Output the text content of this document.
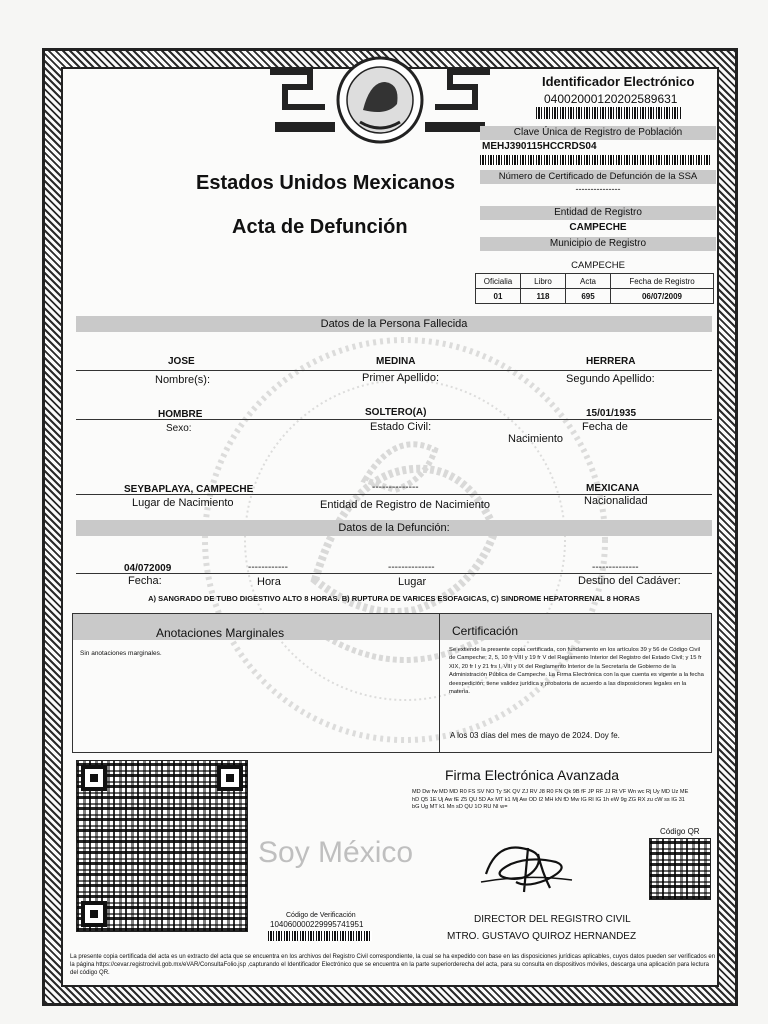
Estados Unidos Mexicanos
Acta de Defunción
Identificador Electrónico
04002000120202589631
Clave Única de Registro de Población
MEHJ390115HCCRDS04
Número de Certificado de Defunción de la SSA
---------------
Entidad de Registro
CAMPECHE
Municipio de Registro
CAMPECHE
Oficialia	Libro	Acta	Fecha de Registro
01	118	695	06/07/2009
Datos de la Persona Fallecida
JOSE	MEDINA	HERRERA
Nombre(s):	Primer Apellido:	Segundo Apellido:
HOMBRE	SOLTERO(A)	15/01/1935
Sexo:	Estado Civil:	Fecha de
Nacimiento
SEYBAPLAYA, CAMPECHE	--------------	MEXICANA
Lugar de Nacimiento	Entidad de Registro de Nacimiento	Nacionalidad
Datos de la Defunción:
04/072009	------------	--------------	--------------
Fecha:	Hora	Lugar	Destino del Cadáver:
A) SANGRADO DE TUBO DIGESTIVO ALTO 8 HORAS. B) RUPTURA DE VARICES ESOFAGICAS, C) SINDROME HEPATORRENAL 8 HORAS
Anotaciones Marginales	Certificación
Sin anotaciones marginales.	Se extiende la presente copia certificada, con fundamento en los artículos 39 y 56 de Código Civil de Campeche; 2, 5, 10 fr VIII y 19 fr V del Reglamento Interior del Registro del Estado Civil; y 15 fr XIX, 20 fr I y 21 frs I, VIII y IX del Reglamento Interior de la Secretaría de Gobierno de la Administración Pública de Campeche. La Firma Electrónica con la que cuenta es vigente a la fecha deexpedición; tiene validez jurídica y probatoria de acuerdo a las disposiciones legales en la materia.
A los 03 días del mes de mayo de 2024. Doy fe.
Firma Electrónica Avanzada
MD Dw fw MD MD R0 FS SV NO Ty SK QV ZJ RV J8 R0 FN Qk 9B fF JP RF JJ Rt VF Wn wc Rj Uy MD Uz ME hD Q5 1E Uj Aw fE Z5 QU 5D Ax MT k1 Mj Aw OD I2 MH kN fD Mw IG RI IG 1h eW 9g ZG RX zu cW ss IG 31 bG Ug MT k1 Mn sD QU 1O RU NI w=
Código QR
Soy México
DIRECTOR DEL REGISTRO CIVIL
MTRO. GUSTAVO QUIROZ HERNANDEZ
Código de Verificación
104060000229995741951
La presente copia certificada del acta es un extracto del acta que se encuentra en los archivos del Registro Civil correspondiente, la cual se ha expedido con base en las disposiciones jurídicas aplicables, cuyos datos pueden ser verificados en la página https://cevar.registrocivil.gob.mx/eVAR/ConsultaFolio.jsp ,capturando el Identificador Electrónico que se encuentra en la parte superiorderecha del acta, para su consulta en dispositivos móviles, descarga una aplicación para lectura del código QR.
